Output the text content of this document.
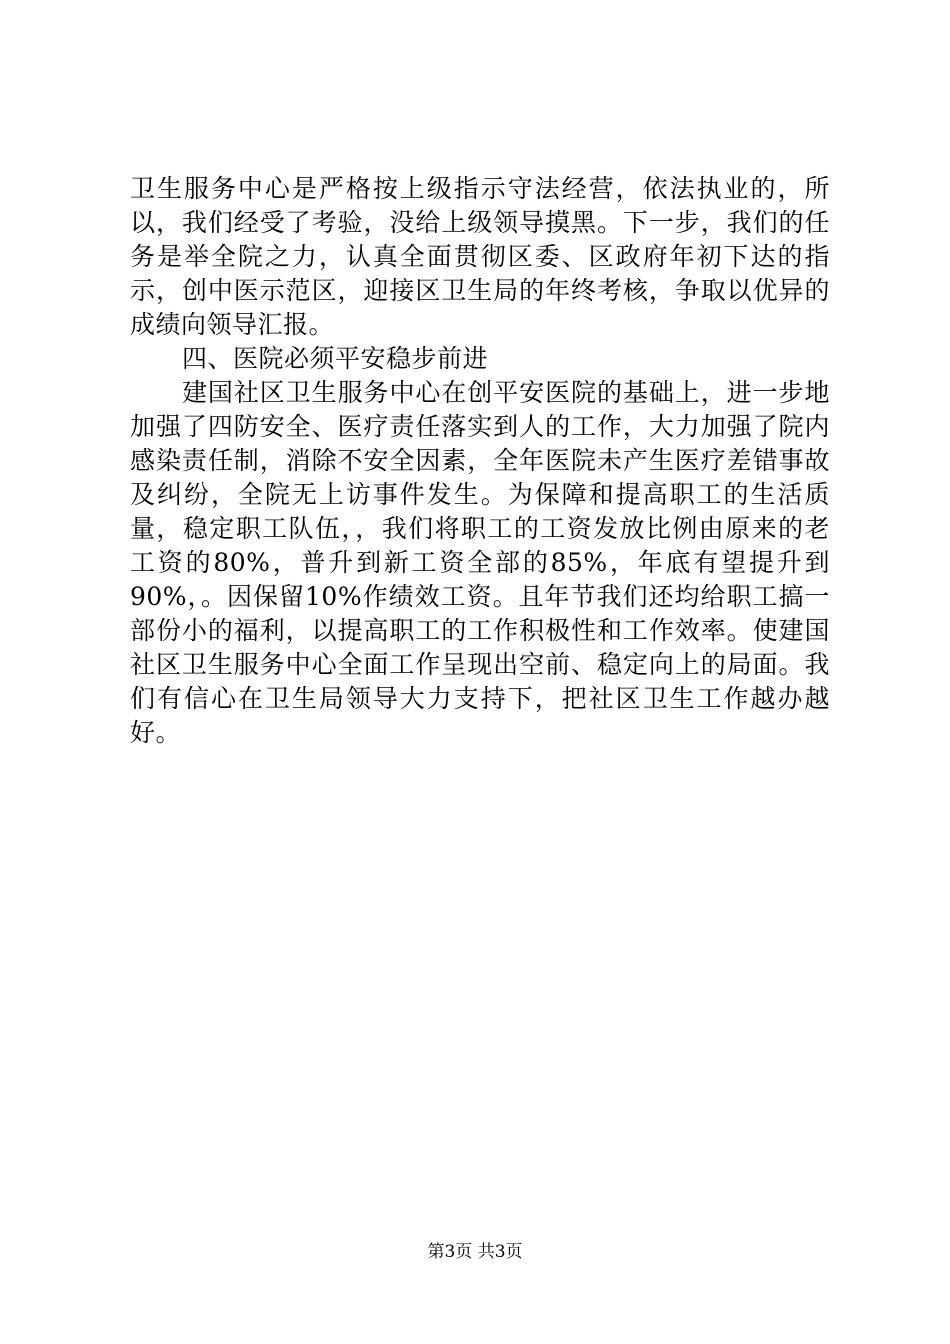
卫生服务中心是严格按上级指示守法经营，依法执业的，所以，我们经受了考验，没给上级领导摸黑。下一步，我们的任务是举全院之力，认真全面贯彻区委、区政府年初下达的指示，创中医示范区，迎接区卫生局的年终考核，争取以优异的成绩向领导汇报。

四、医院必须平安稳步前进

建国社区卫生服务中心在创平安医院的基础上，进一步地加强了四防安全、医疗责任落实到人的工作，大力加强了院内感染责任制，消除不安全因素，全年医院未产生医疗差错事故及纠纷，全院无上访事件发生。为保障和提高职工的生活质量，稳定职工队伍，，我们将职工的工资发放比例由原来的老工资的80%，普升到新工资全部的85%，年底有望提升到90%，。因保留10%作绩效工资。且年节我们还均给职工搞一部份小的福利，以提高职工的工作积极性和工作效率。使建国社区卫生服务中心全面工作呈现出空前、稳定向上的局面。我们有信心在卫生局领导大力支持下，把社区卫生工作越办越好。

第3页 共3页
